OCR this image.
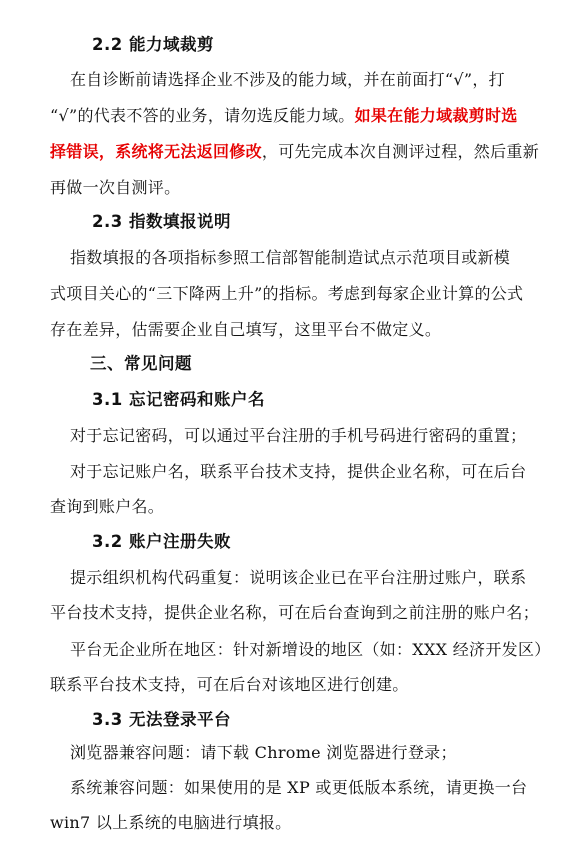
2.2 能力域裁剪
在自诊断前请选择企业不涉及的能力域，并在前面打“√”，打
“√”的代表不答的业务，请勿选反能力域。如果在能力域裁剪时选
择错误，系统将无法返回修改，可先完成本次自测评过程，然后重新
再做一次自测评。
2.3 指数填报说明
指数填报的各项指标参照工信部智能制造试点示范项目或新模
式项目关心的“三下降两上升”的指标。考虑到每家企业计算的公式
存在差异，估需要企业自己填写，这里平台不做定义。
三、常见问题
3.1 忘记密码和账户名
对于忘记密码，可以通过平台注册的手机号码进行密码的重置；
对于忘记账户名，联系平台技术支持，提供企业名称，可在后台
查询到账户名。
3.2 账户注册失败
提示组织机构代码重复：说明该企业已在平台注册过账户，联系
平台技术支持，提供企业名称，可在后台查询到之前注册的账户名；
平台无企业所在地区：针对新增设的地区（如：XXX 经济开发区）
联系平台技术支持，可在后台对该地区进行创建。
3.3 无法登录平台
浏览器兼容问题：请下载 Chrome 浏览器进行登录；
系统兼容问题：如果使用的是 XP 或更低版本系统，请更换一台
win7 以上系统的电脑进行填报。
